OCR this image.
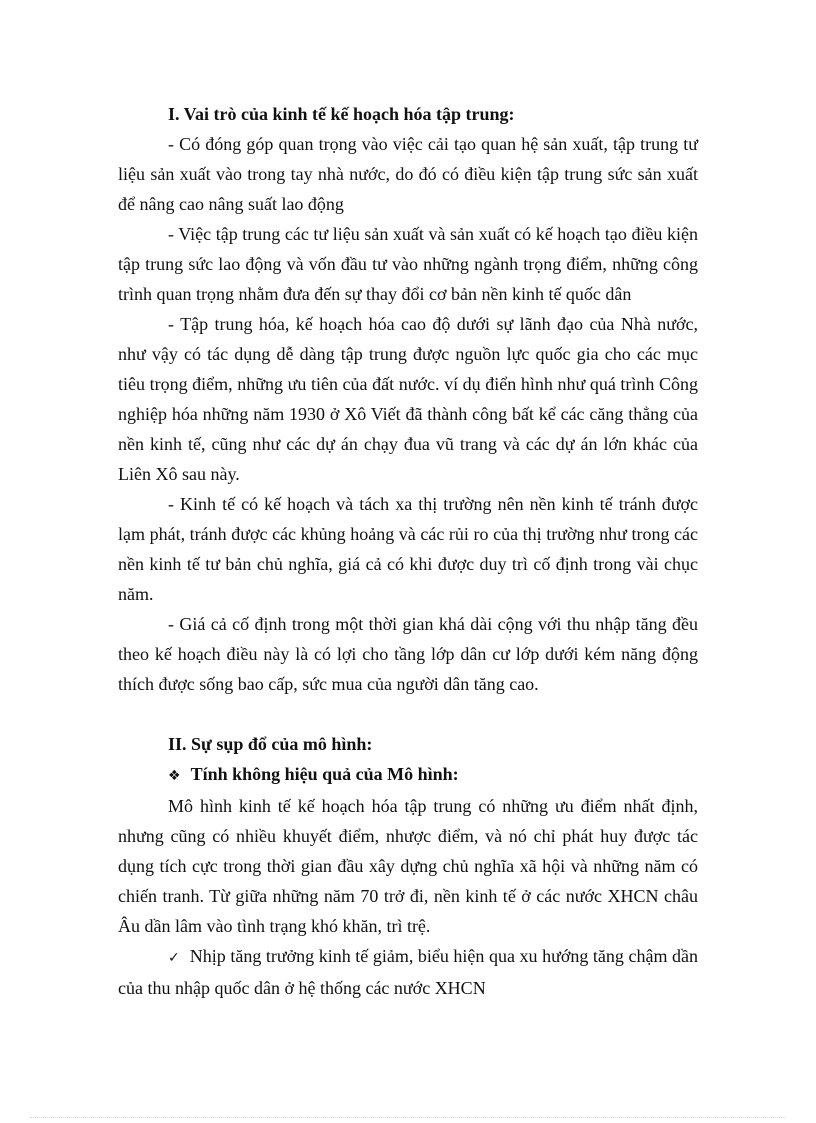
I. Vai trò của kinh tế kế hoạch hóa tập trung:

- Có đóng góp quan trọng vào việc cải tạo quan hệ sản xuất, tập trung tư liệu sản xuất vào trong tay nhà nước, do đó có điều kiện tập trung sức sản xuất để nâng cao nâng suất lao động

- Việc tập trung các tư liệu sản xuất và sản xuất có kế hoạch tạo điều kiện tập trung sức lao động và vốn đầu tư vào những ngành trọng điểm, những công trình quan trọng nhằm đưa đến sự thay đổi cơ bản nền kinh tế quốc dân

- Tập trung hóa, kế hoạch hóa cao độ dưới sự lãnh đạo của Nhà nước, như vậy có tác dụng dễ dàng tập trung được nguồn lực quốc gia cho các mục tiêu trọng điểm, những ưu tiên của đất nước. ví dụ điển hình như quá trình Công nghiệp hóa những năm 1930 ở Xô Viết đã thành công bất kể các căng thẳng của nền kinh tế, cũng như các dự án chạy đua vũ trang và các dự án lớn khác của Liên Xô sau này.

- Kinh tế có kế hoạch và tách xa thị trường nên nền kinh tế tránh được lạm phát, tránh được các khủng hoảng và các rủi ro của thị trường như trong các nền kinh tế tư bản chủ nghĩa, giá cả có khi được duy trì cố định trong vài chục năm.

- Giá cả cố định trong một thời gian khá dài cộng với thu nhập tăng đều theo kế hoạch điều này là có lợi cho tầng lớp dân cư lớp dưới kém năng động thích được sống bao cấp, sức mua của người dân tăng cao.

II. Sự sụp đổ của mô hình:

❖ Tính không hiệu quả của Mô hình:

Mô hình kinh tế kế hoạch hóa tập trung có những ưu điểm nhất định, nhưng cũng có nhiều khuyết điểm, nhược điểm, và nó chỉ phát huy được tác dụng tích cực trong thời gian đầu xây dựng chủ nghĩa xã hội và những năm có chiến tranh. Từ giữa những năm 70 trở đi, nền kinh tế ở các nước XHCN châu Âu dần lâm vào tình trạng khó khăn, trì trệ.

✓ Nhịp tăng trưởng kinh tế giảm, biểu hiện qua xu hướng tăng chậm dần của thu nhập quốc dân ở hệ thống các nước XHCN
